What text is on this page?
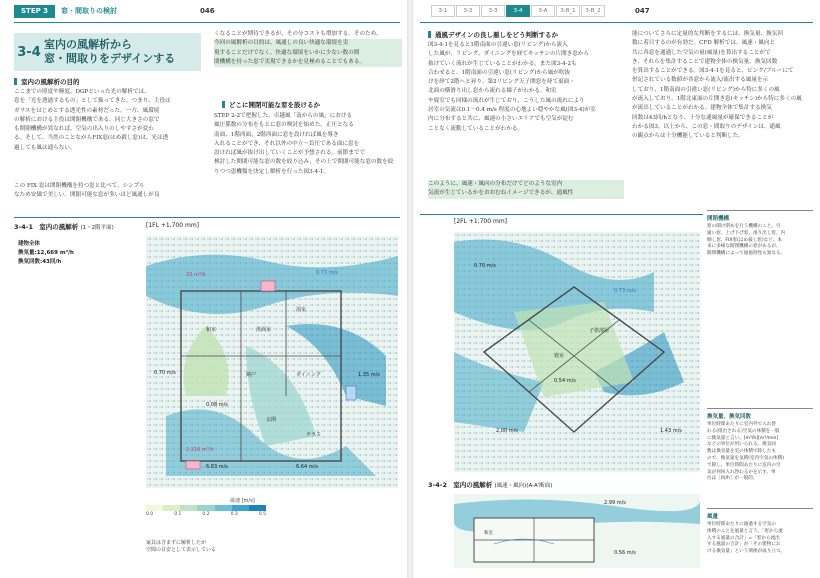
STEP 3	窓・間取りの検討	046	3-1	3-2	3-3	3-4	3-A	3-B_1	3-B_2	047
3-4 室内の風解析から
窓・間取りをデザインする
室内の風解析の目的
ここまでの照度や輝度、DGPといった光の解析では、
窓を「光を透過するもの」として扱ってきた。つまり、主役は
ガラスをはじめとする透光性の素材だった。一方、風環境
の解析における主役は開閉機構である。同じ大きさの窓で
も開閉機構が異なれば、空気の出入りのしやすさが変わ
る。そして、当然のことながらFIX窓(はめ殺し窓)は、光は透
過しても風は通らない。
この FIX 窓は開閉機構を持つ窓と比べて、シンプル
なため安価で美しい。開閉可能な窓が多いほど風通しが良
くなることが期待できるが、その分コストも増加する。そのため、
今回の風解析の目的は、風通しの良い快適な環境を実
現することだけでなく、快適な環境をいかに少ない数の開
閉機構を持った窓で実現できるかを見極めることでもある。
どこに開閉可能な窓を設けるか
STEP 2-2で把握した、卓越風「南からの風」における
風圧係数の分布をもとに窓の検討を始めた。正圧となる
南面、1階西面、2階西面に窓を設ければ風を導き
入れることができ、それ以外の中立〜負圧である面に窓を
設ければ風が抜け出していくことが予想される。前節までで
検討した開閉可能な窓の数を絞り込み、その上で開閉可能な窓の数を絞
りつつ患機類を決定し解析を行った図3-4-1。
通風デザインの良し悪しをどう判断するか
図3-4-1を見ると1階南面の引違い窓(リビング)から流入
した風が、リビング、ダイニングを経てキッチンの片開き窓から
抜けていく流れが生じていることがわかる。また図3-4-2も
合わせると、1階南面の引違い窓(リビング)から風が吹抜
けを経て2階へと昇り、第2リビング天子開窓を経て東面・
北面の横滑り出し窓から流れる様子がわかる。和室
や寝室でも同様の流れが生じており、こうした風の流れにより
居室の気流は0.1〜0.4 m/s 程度の心地よい穏やかな風(図3-4)が室
内に分布すると共に、風速の小さいエリアでも空気が淀む
ことなく流動していることがわかる。
このように、風速・風向の分布だけでどのような室内
気流が生じているかをおおむねイメージできるが、通風性
能についてさらに定量的な判断をするには、換気量、換気回
数に着目するのが有効だ。CFD 解析では、風速・風向と
共に各窓を通過した空気の量(風量)を算出することがで
き、それらを集計することで建物全体の換気量、換気回数
を算出することができる。図3-4-1を見ると、ピンク/ブルーにて
併記されている数値が各窓から流入/流出する風量を示
しており、1階南面の引違い窓(リビング)から特に多くの風
が流入しており、1階北東面の片開き窓(キッチン)から特に多くの風
が流出していることがわかる。建物全体で集計する換気
回数は43回/hとなり、十分な通風量が確保できることが
わかる図3。以上から、この窓・間取りのデザインは、通風
の観点からは十分機能していると判断した。
3-4-1 室内の風解析 (1・2階平面)	[1FL +1,700 mm]
建物全体
換気量:12,669 m³/h
換気回数:43回/h
0.70 m/s
和室	洗面室
浴室
ダイニング
納戸
玄関
テラス
0.08 m/s
1.35 m/s
6.83 m/s	6.64 m/s
33 m³/h	0.73 m/s
2,318 m³/h
風速 [m/s]
0.0	0.1	0.2	0.3	0.5
家具は含まずに解析したが
空間の目安として表示している
[2FL +1,700 mm]
0.70 m/s
寝室
子供部屋
0.54 m/s
2.00 m/s	1.43 m/s
0.73 m/s
3-4-2 室内の風解析 (風速・風向)(A-A'断面)
2.99 m/s
和室
0.56 m/s
開閉機構
窓の開け閉めを行う機構のこと。引
違い窓、上げ下げ窓、滑り出し窓、内
倒し窓、FIX窓(はめ殺し窓)など。本
来に多様な開閉機構の窓があるが、
開閉機構によって通風特性も異なる。
換気量、換気回数
単位時間あたりに室内外で入れ替
わる(排出される)空気の体積を一般
に換気量と言い、[m³/h][m³/min]
などの単位が用いられる。換気回
数は換気量を室の体積で除したも
ので、換気量を気積(室内空気の体積)
で除し、単位時間あたりに室内の空
気が何回入れ替わるかを示す。単
位は［回/h］が一般的。
風量
単位時間あたりに通過する空気の
体積のことを風量と言う。「窓から流
入する風量の合計」=「窓から流出
する風量の合計」が「その建物にお
ける換気量」という関係が成り立つ。
